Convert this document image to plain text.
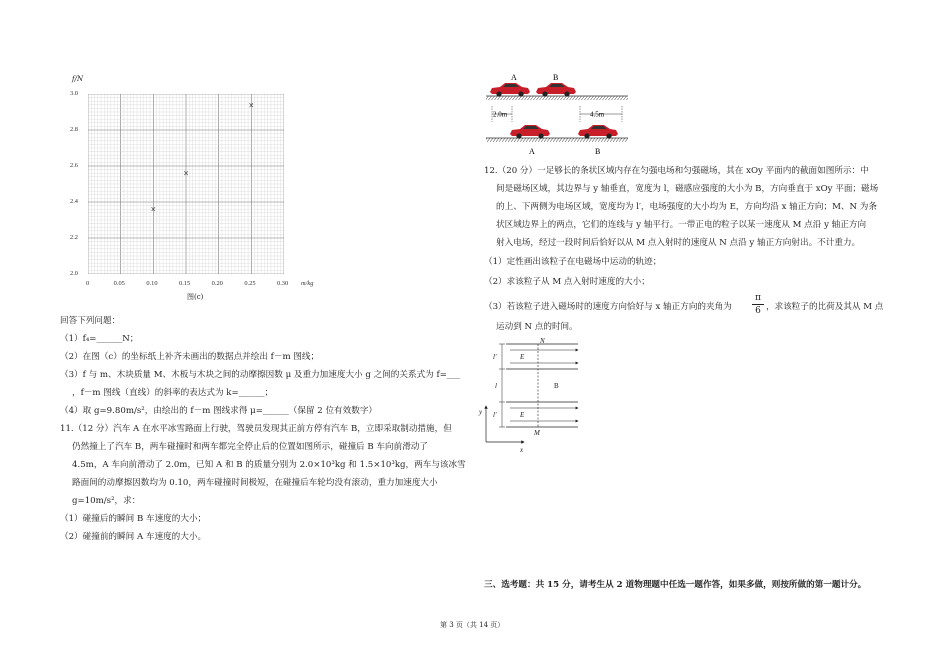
f/N
×
×
×
3.0
2.8
2.6
2.4
2.2
2.0
0	0.05	0.10	0.15	0.20	0.25	0.30 m/kg
图(c)
回答下列问题：
（1）f₄=______N；
（2）在图（c）的坐标纸上补齐未画出的数据点并绘出 f－m 图线；
（3）f 与 m、木块质量 M、木板与木块之间的动摩擦因数 μ 及重力加速度大小 g 之间的关系式为 f=___
，f－m 图线（直线）的斜率的表达式为 k=______；
（4）取 g=9.80m/s²，由绘出的 f－m 图线求得 μ=______（保留 2 位有效数字）
11.（12 分）汽车 A 在水平冰雪路面上行驶，驾驶员发现其正前方停有汽车 B，立即采取制动措施，但
仍然撞上了汽车 B，两车碰撞时和两车都完全停止后的位置如图所示，碰撞后 B 车向前滑动了
4.5m，A 车向前滑动了 2.0m，已知 A 和 B 的质量分别为 2.0×10³kg 和 1.5×10³kg，两车与该冰雪
路面间的动摩擦因数均为 0.10，两车碰撞时间极短，在碰撞后车轮均没有滚动，重力加速度大小
g=10m/s²，求：
（1）碰撞后的瞬间 B 车速度的大小；
（2）碰撞前的瞬间 A 车速度的大小。
A	B
2.0m	4.5m
A	B
12.（20 分）一足够长的条状区域内存在匀强电场和匀强磁场，其在 xOy 平面内的截面如图所示：中
间是磁场区域，其边界与 y 轴垂直，宽度为 l，磁感应强度的大小为 B，方向垂直于 xOy 平面；磁场
的上、下两侧为电场区域，宽度均为 l′，电场强度的大小均为 E，方向均沿 x 轴正方向；M、N 为条
状区域边界上的两点，它们的连线与 y 轴平行。一带正电的粒子以某一速度从 M 点沿 y 轴正方向
射入电场，经过一段时间后恰好以从 M 点入射时的速度从 N 点沿 y 轴正方向射出。不计重力。
（1）定性画出该粒子在电磁场中运动的轨迹；
（2）求该粒子从 M 点入射时速度的大小；
（3）若该粒子进入磁场时的速度方向恰好与 x 轴正方向的夹角为
π
6 ，求该粒子的比荷及其从 M 点
运动到 N 点的时间。
N
M
E
E
B
l′
l
l′
y
x
三、选考题：共 15 分，请考生从 2 道物理题中任选一题作答，如果多做，则按所做的第一题计分。
第 3 页（共 14 页）
